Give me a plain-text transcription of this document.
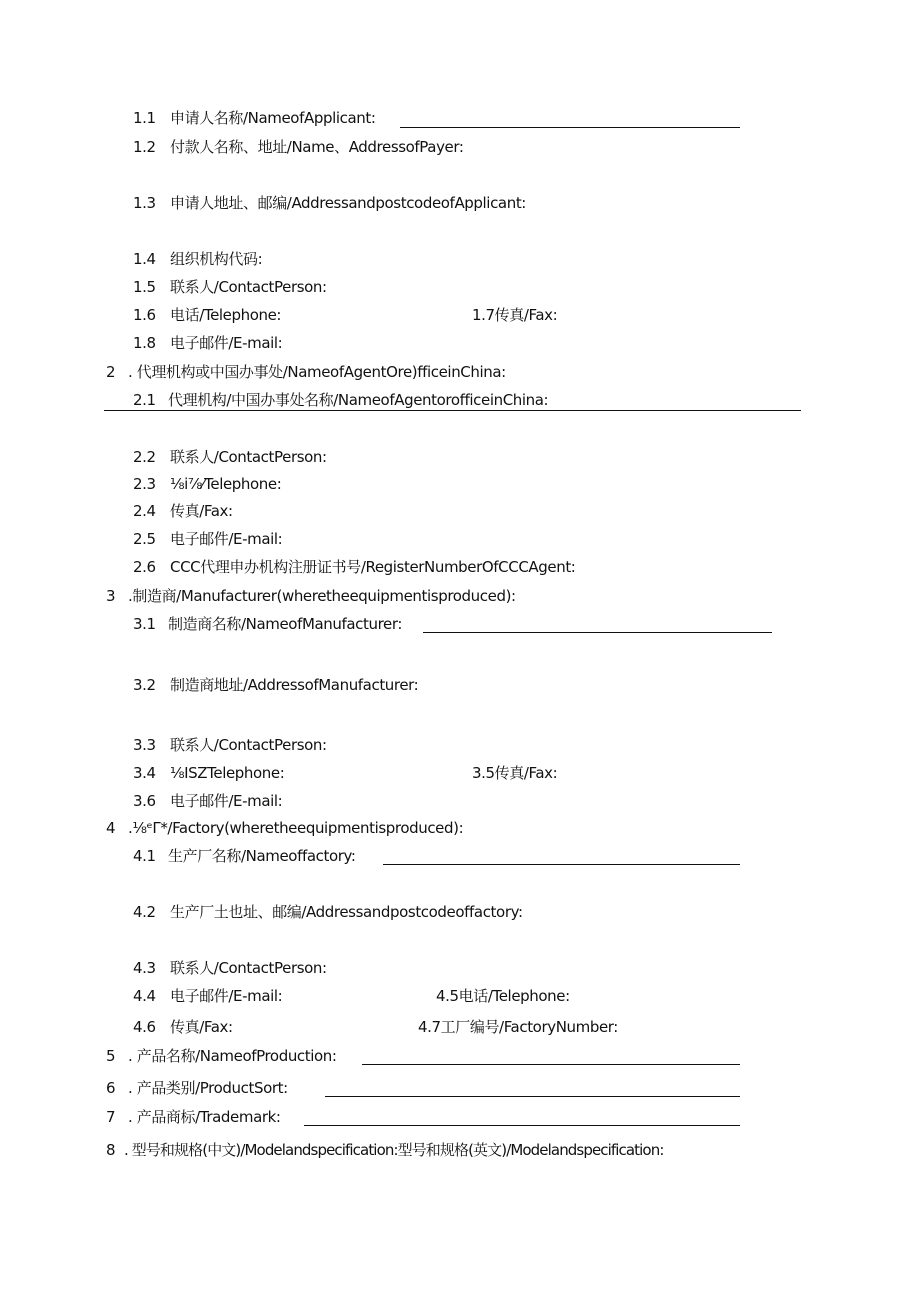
1.1 申请人名称/NameofApplicant:
1.2 付款人名称、地址/Name、AddressofPayer:
1.3 申请人地址、邮编/AddressandpostcodeofApplicant:
1.4 组织机构代码:
1.5 联系人/ContactPerson:
1.6 电话/Telephone:	1.7传真/Fax:
1.8 电子邮件/E-mail:
2 . 代理机构或中国办事处/NameofAgentOre)fficeinChina:
2.1 代理机构/中国办事处名称/NameofAgentorofficeinChina:
2.2 联系人/ContactPerson:
2.3 ⅛i⅞⁄Telephone:
2.4 传真/Fax:
2.5 电子邮件/E-mail:
2.6 CCC代理申办机构注册证书号/RegisterNumberOfCCCAgent:
3 .制造商/Manufacturer(wheretheequipmentisproduced):
3.1 制造商名称/NameofManufacturer:
3.2 制造商地址/AddressofManufacturer:
3.3 联系人/ContactPerson:
3.4 ⅛ISZTelephone:	3.5传真/Fax:
3.6 电子邮件/E-mail:
4 .⅛ᵉΓ*/Factory(wheretheequipmentisproduced):
4.1 生产厂名称/Nameoffactory:
4.2 生产厂土也址、邮编/Addressandpostcodeoffactory:
4.3 联系人/ContactPerson:
4.4 电子邮件/E-mail:	4.5电话/Telephone:
4.6 传真/Fax:	4.7工厂编号/FactoryNumber:
5 . 产品名称/NameofProduction:
6 . 产品类别/ProductSort:
7 . 产品商标/Trademark:
8 . 型号和规格(中文)/Modelandspecification:型号和规格(英文)/Modelandspecification:
